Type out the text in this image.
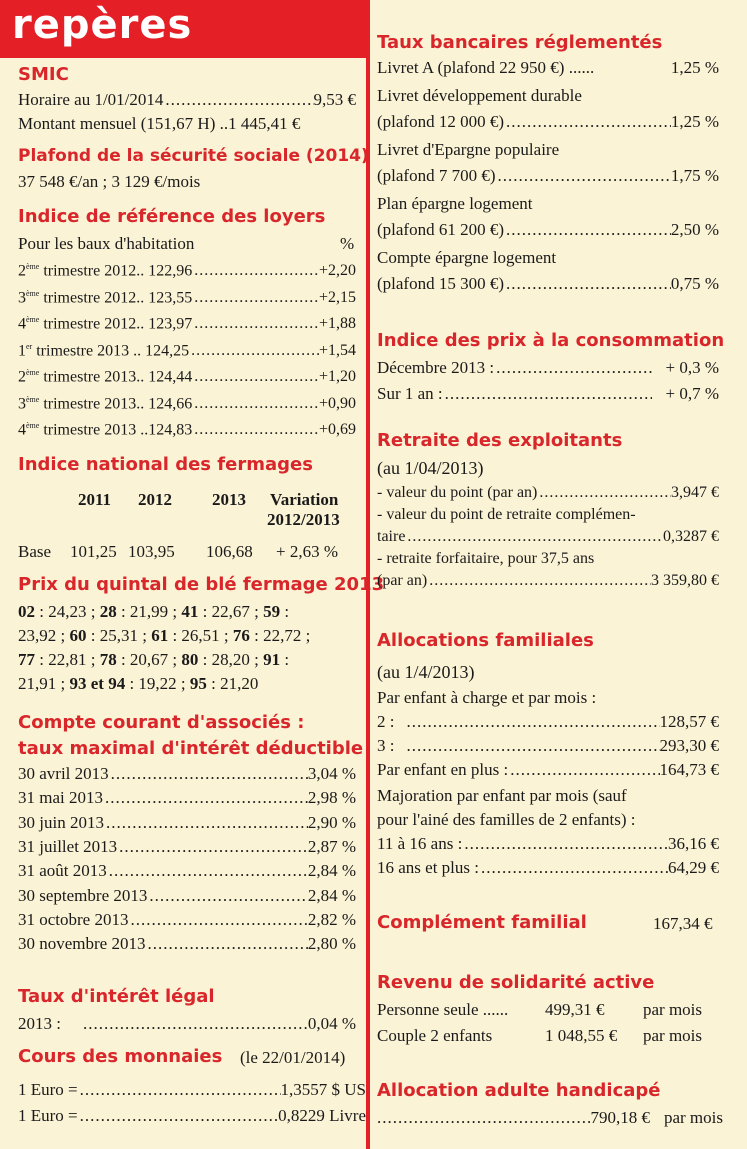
repères
SMIC
Horaire au 1/01/2014 .....	9,53 €
Montant mensuel (151,67 H) .. 1 445,41 €
Plafond de la sécurité sociale (2014)
37 548 €/an ; 3 129 €/mois
Indice de référence des loyers
Pour les baux d'habitation	%
2ème trimestre 2012.. 122,96 .....	+2,20
3ème trimestre 2012.. 123,55 .....	+2,15
4ème trimestre 2012.. 123,97 .....	+1,88
1er trimestre 2013 .. 124,25 .....	+1,54
2ème trimestre 2013.. 124,44 .....	+1,20
3ème trimestre 2013.. 124,66 .....	+0,90
4ème trimestre 2013 ..124,83 .....	+0,69
Indice national des fermages
2011 2012 2013 Variation
2012/2013
Base 101,25 103,95 106,68 + 2,63 %
Prix du quintal de blé fermage 2013
02 : 24,23 ; 28 : 21,99 ; 41 : 22,67 ; 59 :
23,92 ; 60 : 25,31 ; 61 : 26,51 ; 76 : 22,72 ;
77 : 22,81 ; 78 : 20,67 ; 80 : 28,20 ; 91 :
21,91 ; 93 et 94 : 19,22 ; 95 : 21,20
Compte courant d'associés :
taux maximal d'intérêt déductible
30 avril 2013 .....	3,04 %
31 mai 2013 .....	2,98 %
30 juin 2013 .....	2,90 %
31 juillet 2013 .....	2,87 %
31 août 2013 .....	2,84 %
30 septembre 2013 .....	2,84 %
31 octobre 2013 .....	2,82 %
30 novembre 2013 .....	2,80 %
Taux d'intérêt légal
2013 : .....	0,04 %
Cours des monnaies (le 22/01/2014)
1 Euro = .....	1,3557 $ US
1 Euro = .....	0,8229 Livre
Taux bancaires réglementés
Livret A (plafond 22 950 €) ......	1,25 %
Livret développement durable
(plafond 12 000 €) .....	1,25 %
Livret d'Epargne populaire
(plafond 7 700 €) .....	1,75 %
Plan épargne logement
(plafond 61 200 €) .....	2,50 %
Compte épargne logement
(plafond 15 300 €) .....	0,75 %
Indice des prix à la consommation
Décembre 2013 : .....	+ 0,3 %
Sur 1 an : .....	+ 0,7 %
Retraite des exploitants
(au 1/04/2013)
- valeur du point (par an) .....	3,947 €
- valeur du point de retraite complémen-
taire .....	0,3287 €
- retraite forfaitaire, pour 37,5 ans
(par an) .....	3 359,80 €
Allocations familiales
(au 1/4/2013)
Par enfant à charge et par mois :
2 : .....	128,57 €
3 : .....	293,30 €
Par enfant en plus : .....	164,73 €
Majoration par enfant par mois (sauf
pour l'ainé des familles de 2 enfants) :
11 à 16 ans : .....	36,16 €
16 ans et plus : .....	64,29 €
Complément familial	167,34 €
Revenu de solidarité active
Personne seule ...... 499,31 € par mois
Couple 2 enfants	1 048,55 € par mois
Allocation adulte handicapé
.....
790,18 € par mois
